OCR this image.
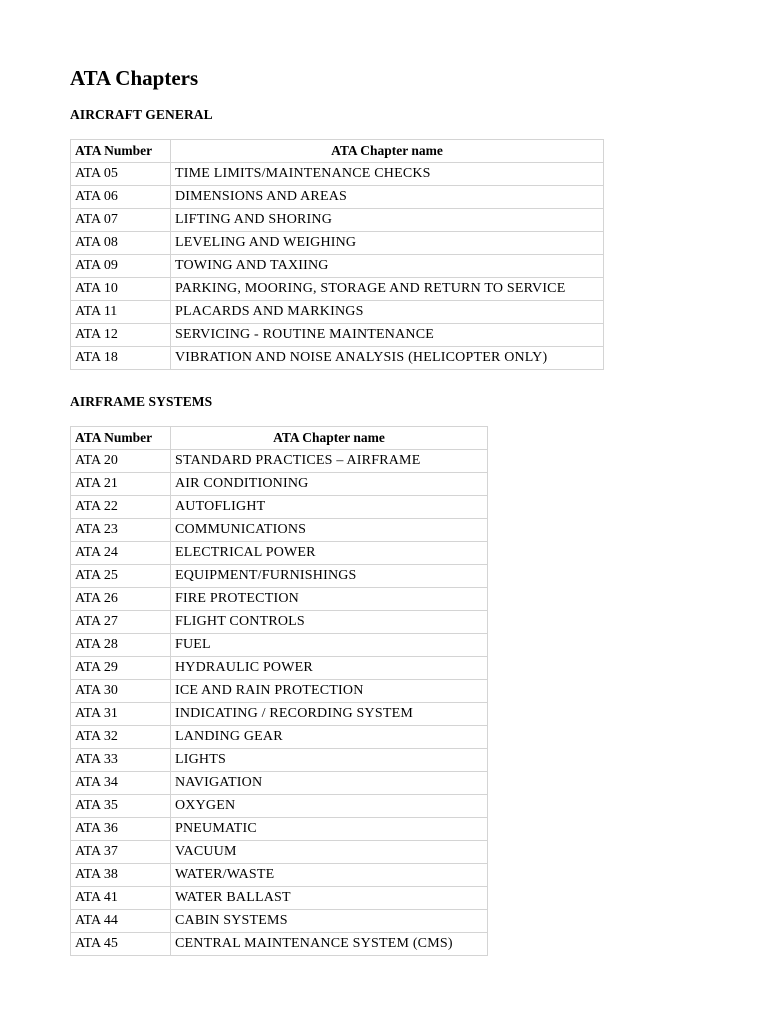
ATA Chapters
AIRCRAFT GENERAL
ATA Number	ATA Chapter name
ATA 05	TIME LIMITS/MAINTENANCE CHECKS
ATA 06	DIMENSIONS AND AREAS
ATA 07	LIFTING AND SHORING
ATA 08	LEVELING AND WEIGHING
ATA 09	TOWING AND TAXIING
ATA 10	PARKING, MOORING, STORAGE AND RETURN TO SERVICE
ATA 11	PLACARDS AND MARKINGS
ATA 12	SERVICING - ROUTINE MAINTENANCE
ATA 18	VIBRATION AND NOISE ANALYSIS (HELICOPTER ONLY)
AIRFRAME SYSTEMS
ATA Number	ATA Chapter name
ATA 20	STANDARD PRACTICES – AIRFRAME
ATA 21	AIR CONDITIONING
ATA 22	AUTOFLIGHT
ATA 23	COMMUNICATIONS
ATA 24	ELECTRICAL POWER
ATA 25	EQUIPMENT/FURNISHINGS
ATA 26	FIRE PROTECTION
ATA 27	FLIGHT CONTROLS
ATA 28	FUEL
ATA 29	HYDRAULIC POWER
ATA 30	ICE AND RAIN PROTECTION
ATA 31	INDICATING / RECORDING SYSTEM
ATA 32	LANDING GEAR
ATA 33	LIGHTS
ATA 34	NAVIGATION
ATA 35	OXYGEN
ATA 36	PNEUMATIC
ATA 37	VACUUM
ATA 38	WATER/WASTE
ATA 41	WATER BALLAST
ATA 44	CABIN SYSTEMS
ATA 45	CENTRAL MAINTENANCE SYSTEM (CMS)
